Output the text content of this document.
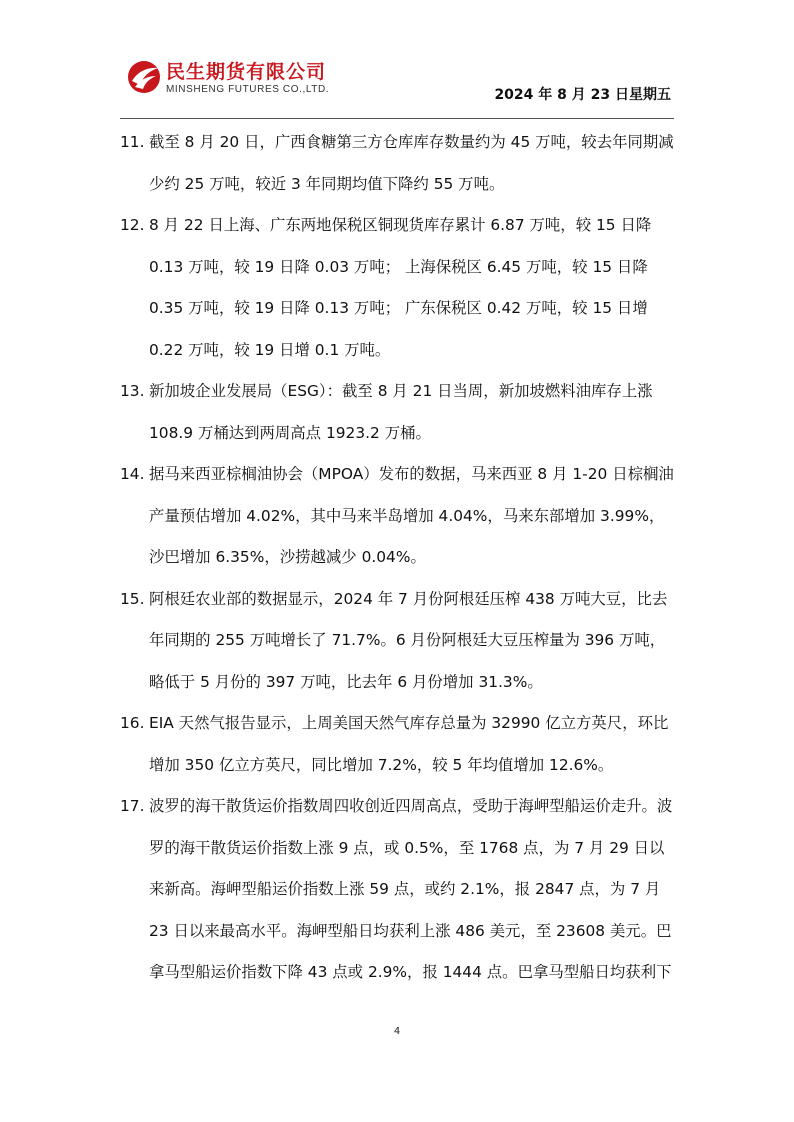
民生期货有限公司
MINSHENG FUTURES CO.,LTD.	2024 年 8 月 23 日星期五
11. 截至 8 月 20 日，广西食糖第三方仓库库存数量约为 45 万吨，较去年同期减少约 25 万吨，较近 3 年同期均值下降约 55 万吨。
12. 8 月 22 日上海、广东两地保税区铜现货库存累计 6.87 万吨，较 15 日降 0.13 万吨，较 19 日降 0.03 万吨； 上海保税区 6.45 万吨，较 15 日降 0.35 万吨，较 19 日降 0.13 万吨； 广东保税区 0.42 万吨，较 15 日增 0.22 万吨，较 19 日增 0.1 万吨。
13. 新加坡企业发展局（ESG）：截至 8 月 21 日当周，新加坡燃料油库存上涨 108.9 万桶达到两周高点 1923.2 万桶。
14. 据马来西亚棕榈油协会（MPOA）发布的数据，马来西亚 8 月 1-20 日棕榈油产量预估增加 4.02%，其中马来半岛增加 4.04%，马来东部增加 3.99%，沙巴增加 6.35%，沙捞越减少 0.04%。
15. 阿根廷农业部的数据显示，2024 年 7 月份阿根廷压榨 438 万吨大豆，比去年同期的 255 万吨增长了 71.7%。6 月份阿根廷大豆压榨量为 396 万吨，略低于 5 月份的 397 万吨，比去年 6 月份增加 31.3%。
16. EIA 天然气报告显示，上周美国天然气库存总量为 32990 亿立方英尺，环比增加 350 亿立方英尺，同比增加 7.2%，较 5 年均值增加 12.6%。
17. 波罗的海干散货运价指数周四收创近四周高点，受助于海岬型船运价走升。波罗的海干散货运价指数上涨 9 点，或 0.5%，至 1768 点，为 7 月 29 日以来新高。海岬型船运价指数上涨 59 点，或约 2.1%，报 2847 点，为 7 月 23 日以来最高水平。海岬型船日均获利上涨 486 美元，至 23608 美元。巴拿马型船运价指数下降 43 点或 2.9%，报 1444 点。巴拿马型船日均获利下
4
